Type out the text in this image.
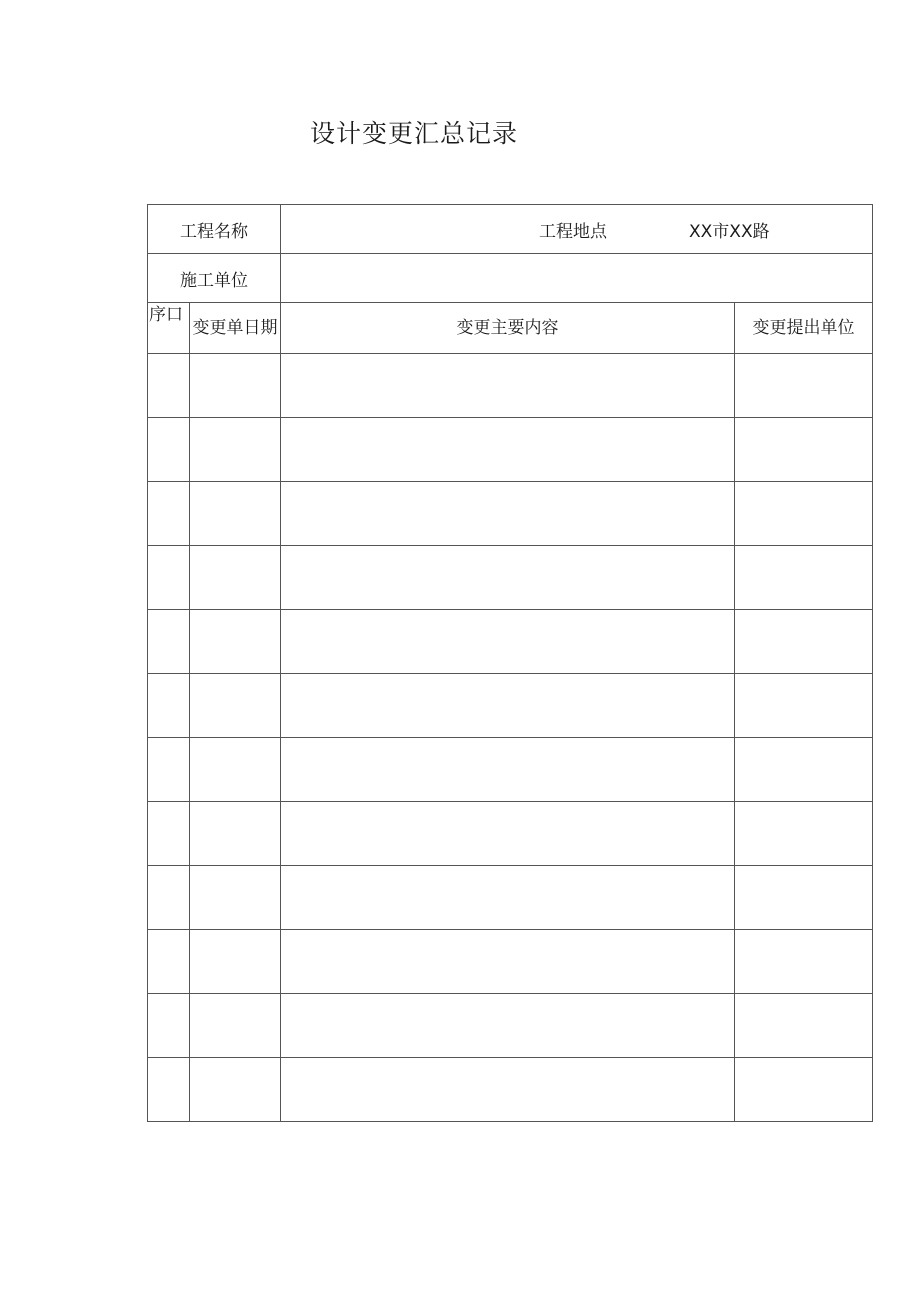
设计变更汇总记录
工程名称		工程地点 XX市XX路	

施工单位			
序口	变更单日期	变更主要内容	变更提出单位
